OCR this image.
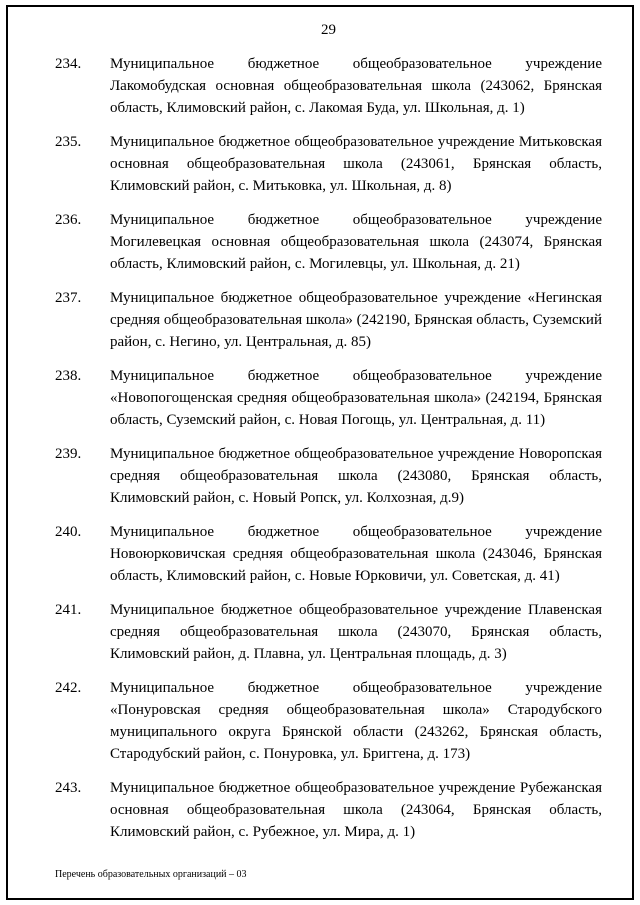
29
234.	Муниципальное бюджетное общеобразовательное учреждение Лакомобудская основная общеобразовательная школа (243062, Брянская область, Климовский район, с. Лакомая Буда, ул. Школьная, д. 1)
235.	Муниципальное бюджетное общеобразовательное учреждение Митьковская основная общеобразовательная школа (243061, Брянская область, Климовский район, с. Митьковка, ул. Школьная, д. 8)
236.	Муниципальное бюджетное общеобразовательное учреждение Могилевецкая основная общеобразовательная школа (243074, Брянская область, Климовский район, с. Могилевцы, ул. Школьная, д. 21)
237.	Муниципальное бюджетное общеобразовательное учреждение «Негинская средняя общеобразовательная школа» (242190, Брянская область, Суземский район, с. Негино, ул. Центральная, д. 85)
238.	Муниципальное бюджетное общеобразовательное учреждение «Новопогощенская средняя общеобразовательная школа» (242194, Брянская область, Суземский район, с. Новая Погощь, ул. Центральная, д. 11)
239.	Муниципальное бюджетное общеобразовательное учреждение Новоропская средняя общеобразовательная школа (243080, Брянская область, Климовский район, с. Новый Ропск, ул. Колхозная, д.9)
240.	Муниципальное бюджетное общеобразовательное учреждение Новоюрковичская средняя общеобразовательная школа (243046, Брянская область, Климовский район, с. Новые Юрковичи, ул. Советская, д. 41)
241.	Муниципальное бюджетное общеобразовательное учреждение Плавенская средняя общеобразовательная школа (243070, Брянская область, Климовский район, д. Плавна, ул. Центральная площадь, д. 3)
242.	Муниципальное бюджетное общеобразовательное учреждение «Понуровская средняя общеобразовательная школа» Стародубского муниципального округа Брянской области (243262, Брянская область, Стародубский район, с. Понуровка, ул. Бриггена, д. 173)
243.	Муниципальное бюджетное общеобразовательное учреждение Рубежанская основная общеобразовательная школа (243064, Брянская область, Климовский район, с. Рубежное, ул. Мира, д. 1)
Перечень образовательных организаций – 03
